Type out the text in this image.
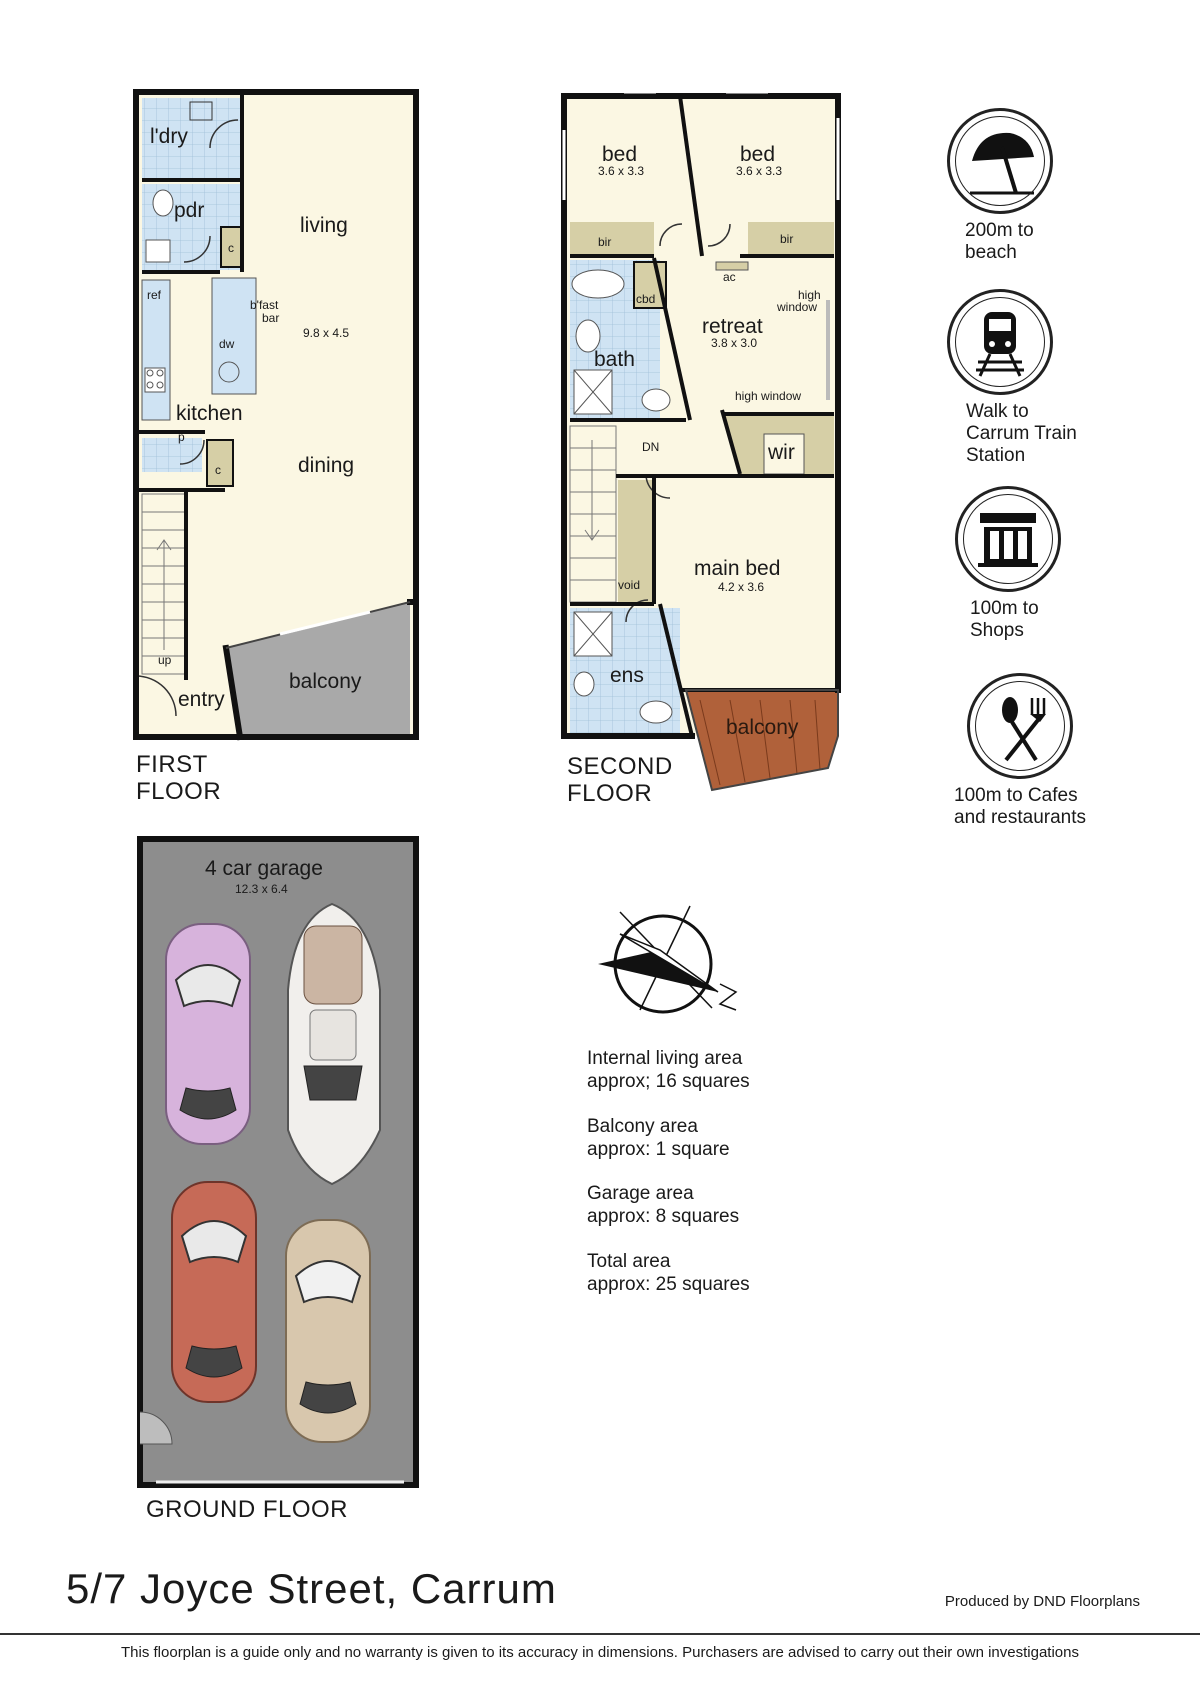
l'dry
pdr
living
b'fast
bar
9.8 x 4.5
ref
dw
c
c
p
kitchen
dining
up
entry
balcony
bed
3.6 x 3.3
bed
3.6 x 3.3
bir	bir
ac
high
window
cbd
retreat
3.8 x 3.0
bath
high window
DN	wir
main bed
4.2 x 3.6
void
ens
balcony
4 car garage
12.3 x 6.4
FIRST
FLOOR
SECOND
FLOOR
GROUND FLOOR
200m to
beach
Walk to
Carrum Train
Station
100m to
Shops
100m to Cafes
and restaurants
Internal living area
approx; 16 squares
Balcony area
approx: 1 square
Garage area
approx: 8 squares
Total area
approx: 25 squares
5/7 Joyce Street, Carrum	Produced by DND Floorplans
This floorplan is a guide only and no warranty is given to its accuracy in dimensions. Purchasers are advised to carry out their own investigations
